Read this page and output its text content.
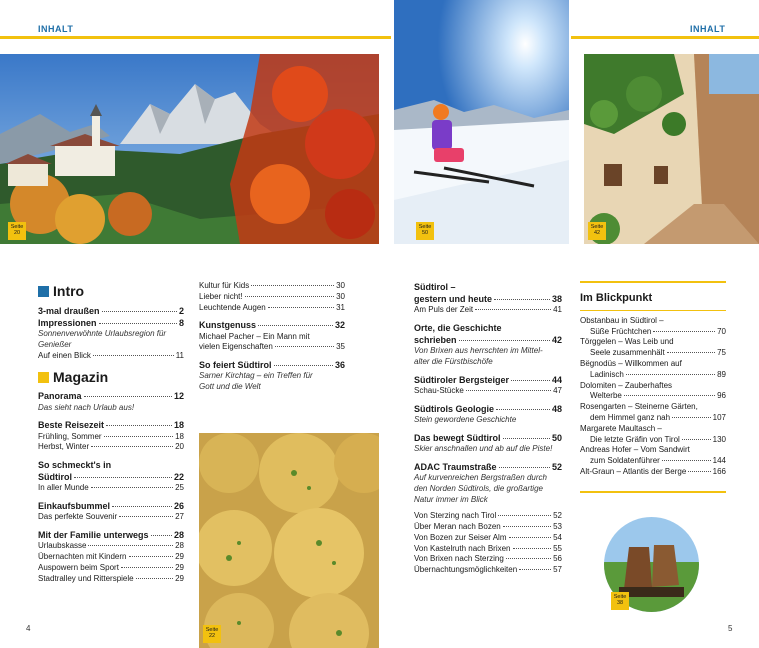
INHALT	INHALT
Seite
20
Seite
50
Seite
42
Seite
22
Seite
38
Intro
3-mal draußen	2
Impressionen	8
Sonnenverwöhnte Urlaubsregion für
Genießer
Auf einen Blick	11
Magazin
Panorama	12
Das sieht nach Urlaub aus!
Beste Reisezeit	18
Frühling, Sommer	18
Herbst, Winter	20
So schmeckt's in
Südtirol	22
In aller Munde	25
Einkaufsbummel	26
Das perfekte Souvenir	27
Mit der Familie unterwegs	28
Urlaubskasse	28
Übernachten mit Kindern	29
Auspowern beim Sport	29
Stadtralley und Ritterspiele	29
Kultur für Kids	30
Lieber nicht!	30
Leuchtende Augen	31
Kunstgenuss	32
Michael Pacher – Ein Mann mit
vielen Eigenschaften	35
So feiert Südtirol	36
Sarner Kirchtag – ein Treffen für
Gott und die Welt
Südtirol –
gestern und heute	38
Am Puls der Zeit	41
Orte, die Geschichte
schrieben	42
Von Brixen aus herrschten im Mittel-
alter die Fürstbischöfe
Südtiroler Bergsteiger	44
Schau-Stücke	47
Südtirols Geologie	48
Stein gewordene Geschichte
Das bewegt Südtirol	50
Skier anschnallen und ab auf die Piste!
ADAC Traumstraße	52
Auf kurvenreichen Bergstraßen durch
den Norden Südtirols, die großartige
Natur immer im Blick
Von Sterzing nach Tirol	52
Über Meran nach Bozen	53
Von Bozen zur Seiser Alm	54
Von Kastelruth nach Brixen	55
Von Brixen nach Sterzing	56
Übernachtungsmöglichkeiten	57
Im Blickpunkt
Obstanbau in Südtirol –
Süße Früchtchen	70
Törggelen – Was Leib und
Seele zusammenhält	75
Bëgnodüs – Willkommen auf
Ladinisch	89
Dolomiten – Zauberhaftes
Welterbe	96
Rosengarten – Steinerne Gärten,
dem Himmel ganz nah	107
Margarete Maultasch –
Die letzte Gräfin von Tirol	130
Andreas Hofer – Vom Sandwirt
zum Soldatenführer	144
Alt-Graun – Atlantis der Berge	166
4	5
